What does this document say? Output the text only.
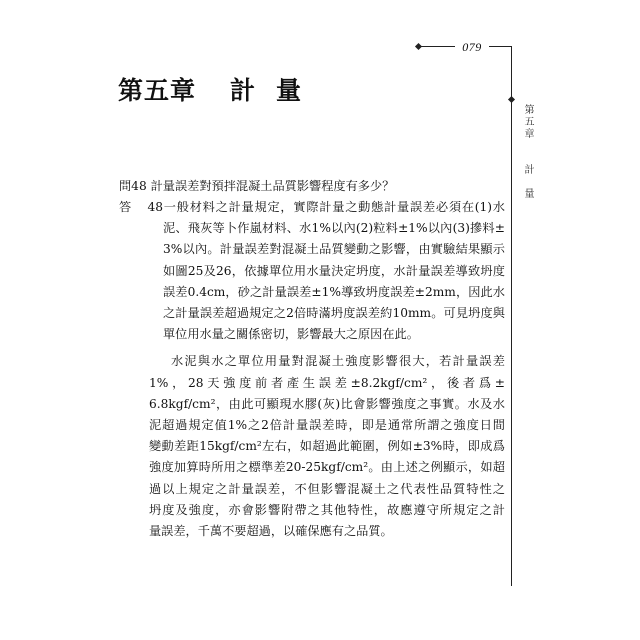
079
第五章計　量
第五章 計 量
問48 計量誤差對預拌混凝土品質影響程度有多少？
答48一般材料之計量規定，實際計量之動態計量誤差必須在(1)水
泥、飛灰等卜作嵐材料、水1%以內(2)粒料±1%以內(3)摻料±
3%以內。計量誤差對混凝土品質變動之影響，由實驗結果顯示
如圖25及26，依據單位用水量決定坍度，水計量誤差導致坍度
誤差0.4cm，砂之計量誤差±1%導致坍度誤差±2mm，因此水
之計量誤差超過規定之2倍時滿坍度誤差約10mm。可見坍度與
單位用水量之關係密切，影響最大之原因在此。
水泥與水之單位用量對混凝土強度影響很大，若計量誤差
1%，28天強度前者產生誤差±8.2kgf/cm²，後者爲±
6.8kgf/cm²，由此可顯現水膠(灰)比會影響強度之事實。水及水
泥超過規定值1%之2倍計量誤差時，即是通常所謂之強度日間
變動差距15kgf/cm²左右，如超過此範圍，例如±3%時，即成爲
強度加算時所用之標準差20-25kgf/cm²。由上述之例顯示，如超
過以上規定之計量誤差，不但影響混凝土之代表性品質特性之
坍度及強度，亦會影響附帶之其他特性，故應遵守所規定之計
量誤差，千萬不要超過，以確保應有之品質。
